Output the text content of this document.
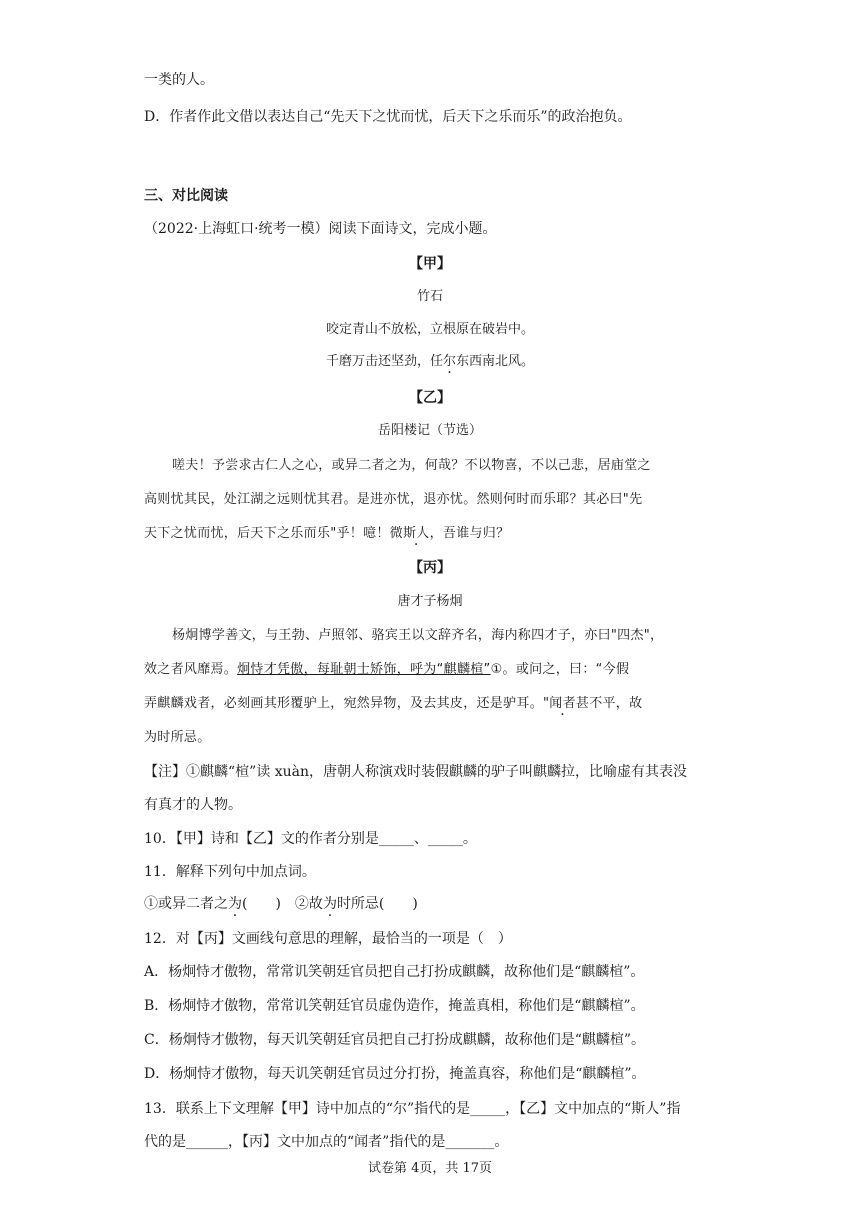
一类的人。
D．作者作此文借以表达自己“先天下之忧而忧，后天下之乐而乐”的政治抱负。
三、对比阅读
（2022·上海虹口·统考一模）阅读下面诗文，完成小题。
【甲】
竹石
咬定青山不放松，立根原在破岩中。
千磨万击还坚劲，任尔东西南北风。
【乙】
岳阳楼记（节选）
嗟夫！予尝求古仁人之心，或异二者之为，何哉？不以物喜，不以己悲，居庙堂之
高则忧其民，处江湖之远则忧其君。是进亦忧，退亦忧。然则何时而乐耶？其必曰"先
天下之忧而忧，后天下之乐而乐"乎！噫！微斯人，吾谁与归？
【丙】
唐才子杨炯
杨炯博学善文，与王勃、卢照邻、骆宾王以文辞齐名，海内称四才子，亦曰"四杰"，
效之者风靡焉。炯恃才凭傲，每耻朝士矫饰，呼为“麒麟楦”①。或问之，曰：“今假
弄麒麟戏者，必刻画其形覆驴上，宛然异物，及去其皮，还是驴耳。"闻者甚不平，故
为时所忌。
【注】①麒麟“楦”读 xuàn，唐朝人称演戏时装假麒麟的驴子叫麒麟拉，比喻虚有其表没
有真才的人物。
10．【甲】诗和【乙】文的作者分别是_____、_____。
11．解释下列句中加点词。
①或异二者之为(　　)　②故为时所忌(　　)
12．对【丙】文画线句意思的理解，最恰当的一项是（　）
A．杨炯恃才傲物，常常讥笑朝廷官员把自己打扮成麒麟，故称他们是“麒麟楦”。
B．杨炯恃才傲物，常常讥笑朝廷官员虚伪造作，掩盖真相，称他们是“麒麟楦”。
C．杨炯恃才傲物，每天讥笑朝廷官员把自己打扮成麒麟，故称他们是“麒麟楦”。
D．杨炯恃才傲物，每天讥笑朝廷官员过分打扮，掩盖真容，称他们是“麒麟楦”。
13．联系上下文理解【甲】诗中加点的“尔”指代的是_____，【乙】文中加点的“斯人”指
代的是______，【丙】文中加点的“闻者”指代的是_______。
试卷第 4页，共 17页
